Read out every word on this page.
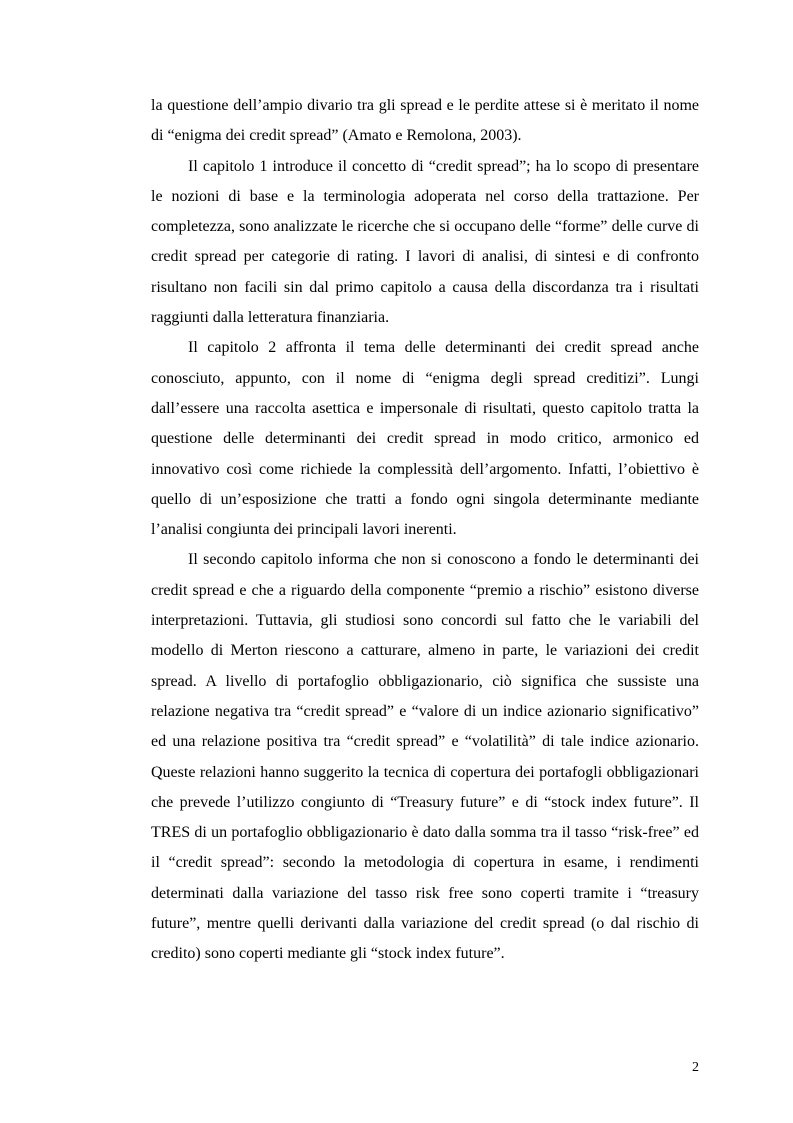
la questione dell’ampio divario tra gli spread e le perdite attese si è meritato il nome di “enigma dei credit spread” (Amato e Remolona, 2003).

Il capitolo 1 introduce il concetto di “credit spread”; ha lo scopo di presentare le nozioni di base e la terminologia adoperata nel corso della trattazione. Per completezza, sono analizzate le ricerche che si occupano delle “forme” delle curve di credit spread per categorie di rating. I lavori di analisi, di sintesi e di confronto risultano non facili sin dal primo capitolo a causa della discordanza tra i risultati raggiunti dalla letteratura finanziaria.

Il capitolo 2 affronta il tema delle determinanti dei credit spread anche conosciuto, appunto, con il nome di “enigma degli spread creditizi”. Lungi dall’essere una raccolta asettica e impersonale di risultati, questo capitolo tratta la questione delle determinanti dei credit spread in modo critico, armonico ed innovativo così come richiede la complessità dell’argomento. Infatti, l’obiettivo è quello di un’esposizione che tratti a fondo ogni singola determinante mediante l’analisi congiunta dei principali lavori inerenti.

Il secondo capitolo informa che non si conoscono a fondo le determinanti dei credit spread e che a riguardo della componente “premio a rischio” esistono diverse interpretazioni. Tuttavia, gli studiosi sono concordi sul fatto che le variabili del modello di Merton riescono a catturare, almeno in parte, le variazioni dei credit spread. A livello di portafoglio obbligazionario, ciò significa che sussiste una relazione negativa tra “credit spread” e “valore di un indice azionario significativo” ed una relazione positiva tra “credit spread” e “volatilità” di tale indice azionario. Queste relazioni hanno suggerito la tecnica di copertura dei portafogli obbligazionari che prevede l’utilizzo congiunto di “Treasury future” e di “stock index future”. Il TRES di un portafoglio obbligazionario è dato dalla somma tra il tasso “risk-free” ed il “credit spread”: secondo la metodologia di copertura in esame, i rendimenti determinati dalla variazione del tasso risk free sono coperti tramite i “treasury future”, mentre quelli derivanti dalla variazione del credit spread (o dal rischio di credito) sono coperti mediante gli “stock index future”.

2
